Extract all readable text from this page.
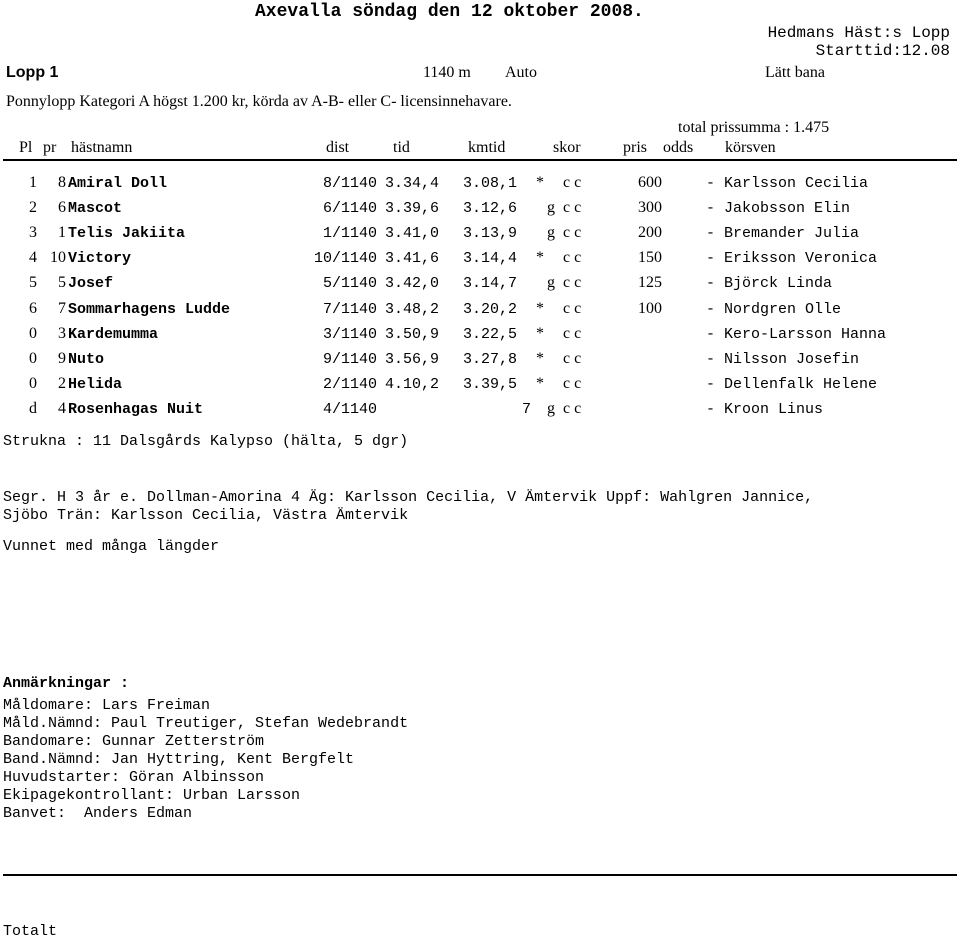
Axevalla söndag den 12 oktober 2008.
Hedmans Häst:s Lopp
Starttid:12.08
Lopp 1	1140 m Auto	Lätt bana
Ponnylopp Kategori A högst 1.200 kr, körda av A-B- eller C- licensinnehavare.
total prissumma : 1.475
Pl pr hästnamn	dist	tid	kmtid	skor	pris odds körsven
1	8 Amiral Doll	8/1140 3.34,4 3.08,1 * c c	600	- Karlsson Cecilia
2	6 Mascot	6/1140 3.39,6 3.12,6 g c c	300	- Jakobsson Elin
3	1 Telis Jakiita	1/1140 3.41,0 3.13,9 g c c	200	- Bremander Julia
4 10 Victory	10/1140 3.41,6 3.14,4 * c c	150	- Eriksson Veronica
5	5 Josef	5/1140 3.42,0 3.14,7 g c c	125	- Björck Linda
6	7 Sommarhagens Ludde	7/1140 3.48,2 3.20,2 * c c	100	- Nordgren Olle
0	3 Kardemumma	3/1140 3.50,9 3.22,5 * c c	- Kero-Larsson Hanna
0	9 Nuto	9/1140 3.56,9 3.27,8 * c c	- Nilsson Josefin
0	2 Helida	2/1140 4.10,2 3.39,5 * c c	- Dellenfalk Helene
d	4 Rosenhagas Nuit	4/1140	7 g c c	- Kroon Linus
Strukna : 11 Dalsgårds Kalypso (hälta, 5 dgr)
Segr. H 3 år e. Dollman-Amorina 4 Äg: Karlsson Cecilia, V Ämtervik Uppf: Wahlgren Jannice,
Sjöbo Trän: Karlsson Cecilia, Västra Ämtervik
Vunnet med många längder
Anmärkningar :
Måldomare: Lars Freiman
Måld.Nämnd: Paul Treutiger, Stefan Wedebrandt
Bandomare: Gunnar Zetterström
Band.Nämnd: Jan Hyttring, Kent Bergfelt
Huvudstarter: Göran Albinsson
Ekipagekontrollant: Urban Larsson
Banvet:  Anders Edman
Totalt
